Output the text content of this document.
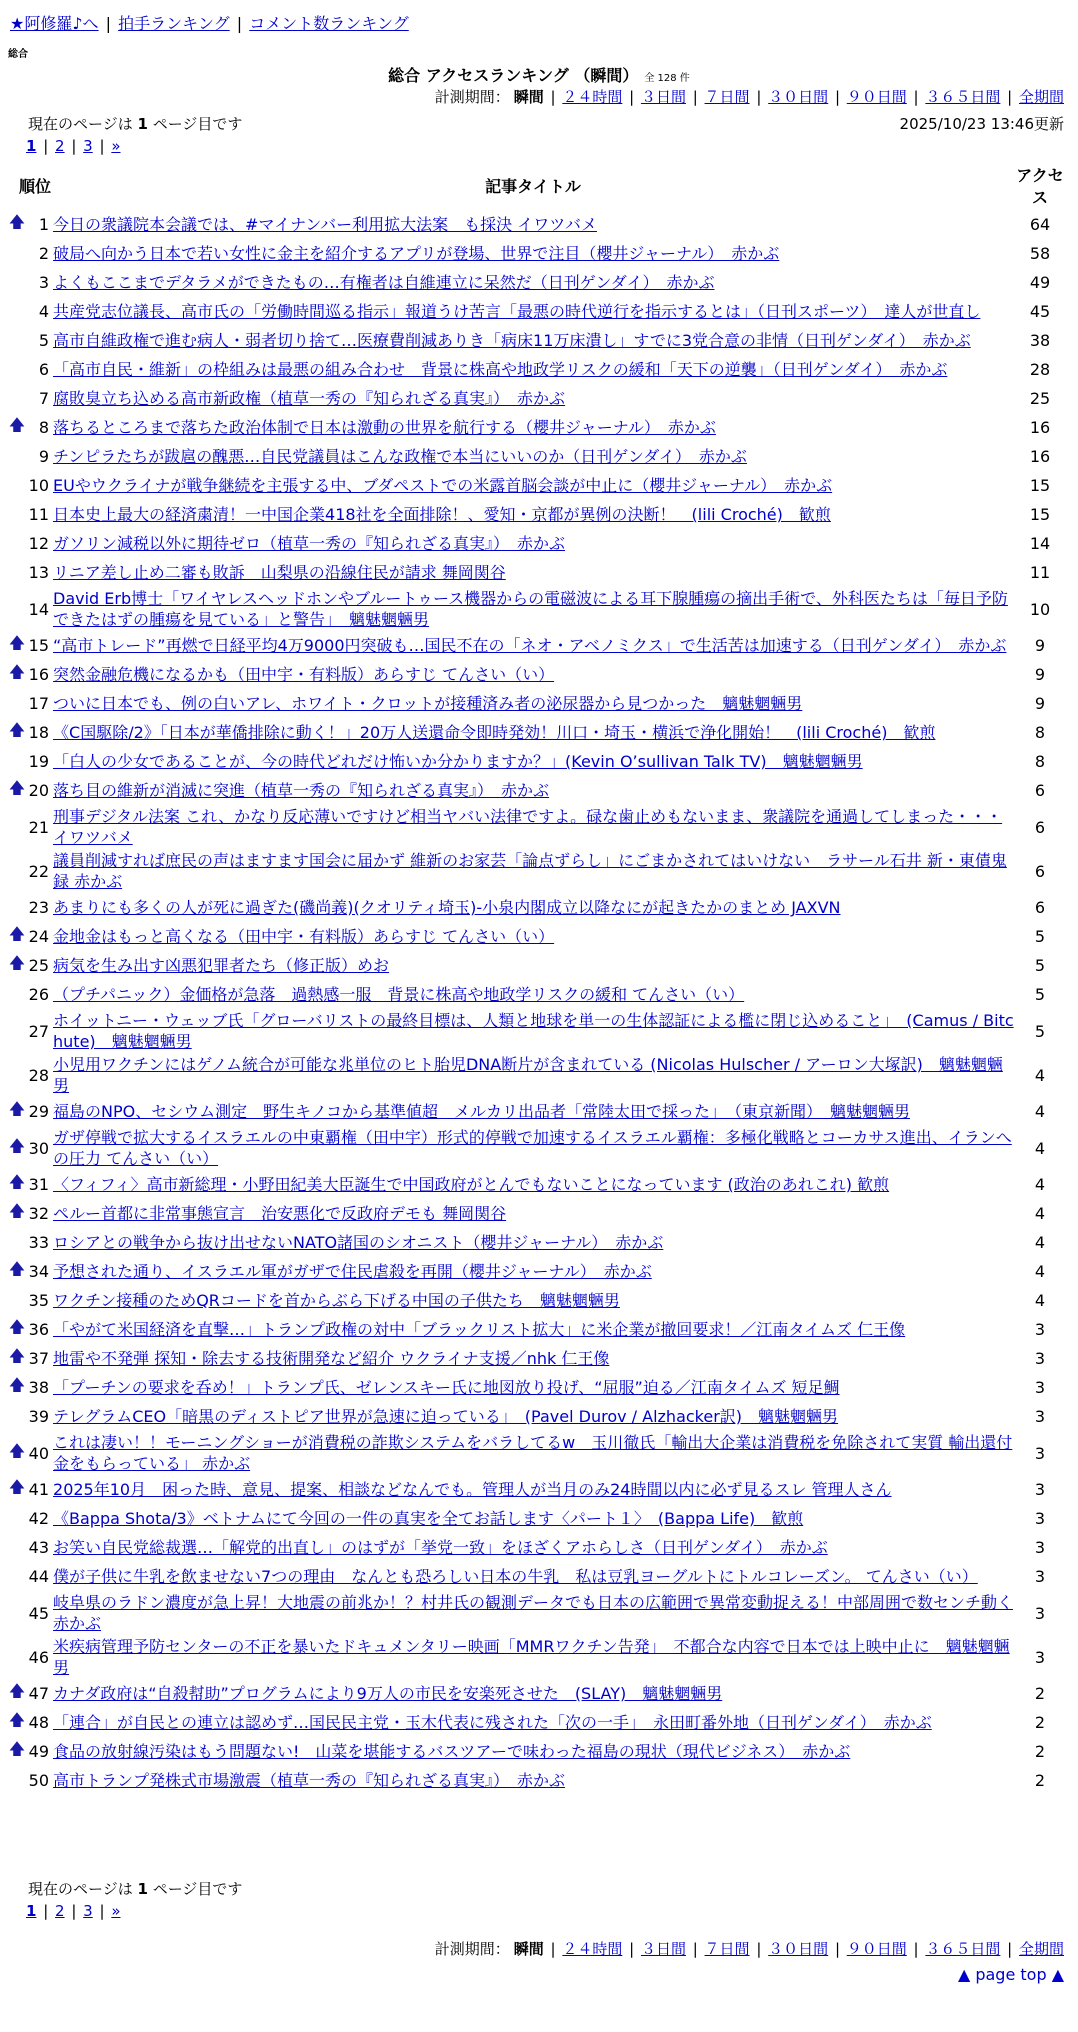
★阿修羅♪へ | 拍手ランキング | コメント数ランキング
総合
総合 アクセスランキング （瞬間） 全 128 件
計測期間： 瞬間 | ２４時間 | ３日間 | ７日間 | ３０日間 | ９０日間 | ３６５日間 | 全期間
現在のページは 1 ページ目です	2025/10/23 13:46更新
1 | 2 | 3 | »
順位		記事タイトル	アクセス
🡅	1	今日の衆議院本会議では、#マイナンバー利用拡大法案　も採決 イワツバメ	64
	2	破局へ向かう日本で若い女性に金主を紹介するアプリが登場、世界で注目（櫻井ジャーナル）　赤かぶ	58
	3	よくもここまでデタラメができたもの…有権者は自維連立に呆然だ（日刊ゲンダイ）　赤かぶ	49
	4	共産党志位議長、高市氏の「労働時間巡る指示」報道うけ苦言「最悪の時代逆行を指示するとは」（日刊スポーツ）　達人が世直し	45
	5	高市自維政権で進む病人・弱者切り捨て…医療費削減ありき「病床11万床潰し」すでに3党合意の非情（日刊ゲンダイ）　赤かぶ	38
	6	「高市自民・維新」の枠組みは最悪の組み合わせ　背景に株高や地政学リスクの緩和「天下の逆襲」（日刊ゲンダイ）　赤かぶ	28
	7	腐敗臭立ち込める高市新政権（植草一秀の『知られざる真実』）　赤かぶ	25
🡅	8	落ちるところまで落ちた政治体制で日本は激動の世界を航行する（櫻井ジャーナル）　赤かぶ	16
	9	チンピラたちが跋扈の醜悪…自民党議員はこんな政権で本当にいいのか（日刊ゲンダイ）　赤かぶ	16
	10	EUやウクライナが戦争継続を主張する中、ブダペストでの米露首脳会談が中止に（櫻井ジャーナル）　赤かぶ	15
	11	日本史上最大の経済粛清！一中国企業418社を全面排除！、愛知・京都が異例の決断！　(lili Croché)　歓煎	15
	12	ガソリン減税以外に期待ゼロ（植草一秀の『知られざる真実』）　赤かぶ	14
	13	リニア差し止め二審も敗訴　山梨県の沿線住民が請求 舞岡関谷	11
	14	David Erb博士「ワイヤレスヘッドホンやブルートゥース機器からの電磁波による耳下腺腫瘍の摘出手術で、外科医たちは「毎日予防できたはずの腫瘍を見ている」と警告」　魑魅魍魎男	10
🡅	15	“高市トレード”再燃で日経平均4万9000円突破も…国民不在の「ネオ・アベノミクス」で生活苦は加速する（日刊ゲンダイ）　赤かぶ	9
🡅	16	突然金融危機になるかも（田中宇・有料版）あらすじ てんさい（い）	9
	17	ついに日本でも、例の白いアレ、ホワイト・クロットが接種済み者の泌尿器から見つかった　魑魅魍魎男	9
🡅	18	《C国駆除/2》「日本が華僑排除に動く！」20万人送還命令即時発効！川口・埼玉・横浜で浄化開始！　(lili Croché)　歓煎	8
	19	「白人の少女であることが、今の時代どれだけ怖いか分かりますか？」(Kevin O’sullivan Talk TV)　魑魅魍魎男	8
🡅	20	落ち目の維新が消滅に突進（植草一秀の『知られざる真実』）　赤かぶ	6
	21	刑事デジタル法案 これ、かなり反応薄いですけど相当ヤバい法律ですよ。碌な歯止めもないまま、衆議院を通過してしまった・・・ イワツバメ	6
	22	議員削減すれば庶民の声はますます国会に届かず 維新のお家芸「論点ずらし」にごまかされてはいけない　ラサール石井 新・東債鬼録 赤かぶ	6
	23	あまりにも多くの人が死に過ぎた(磯尚義)(クオリティ埼玉)-小泉内閣成立以降なにが起きたかのまとめ JAXVN	6
🡅	24	金地金はもっと高くなる（田中宇・有料版）あらすじ てんさい（い）	5
🡅	25	病気を生み出す凶悪犯罪者たち（修正版）めお	5
	26	（プチパニック）金価格が急落　過熱感一服　背景に株高や地政学リスクの緩和 てんさい（い）	5
	27	ホイットニー・ウェッブ氏「グローバリストの最終目標は、人類と地球を単一の生体認証による檻に閉じ込めること」　(Camus / Bitchute)　魑魅魍魎男	5
	28	小児用ワクチンにはゲノム統合が可能な兆単位のヒト胎児DNA断片が含まれている (Nicolas Hulscher / アーロン大塚訳)　魑魅魍魎男	4
🡅	29	福島のNPO、セシウム測定　野生キノコから基準値超　メルカリ出品者「常陸太田で採った」　（東京新聞）　魑魅魍魎男	4
🡅	30	ガザ停戦で拡大するイスラエルの中東覇権（田中宇）形式的停戦で加速するイスラエル覇権：多極化戦略とコーカサス進出、イランへの圧力 てんさい（い）	4
🡅	31	〈フィフィ〉高市新総理・小野田紀美大臣誕生で中国政府がとんでもないことになっています (政治のあれこれ) 歓煎	4
🡅	32	ペルー首都に非常事態宣言　治安悪化で反政府デモも 舞岡関谷	4
	33	ロシアとの戦争から抜け出せないNATO諸国のシオニスト（櫻井ジャーナル）　赤かぶ	4
🡅	34	予想された通り、イスラエル軍がガザで住民虐殺を再開（櫻井ジャーナル）　赤かぶ	4
	35	ワクチン接種のためQRコードを首からぶら下げる中国の子供たち　魑魅魍魎男	4
🡅	36	「やがて米国経済を直撃…」トランプ政権の対中「ブラックリスト拡大」に米企業が撤回要求！／江南タイムズ 仁王像	3
🡅	37	地雷や不発弾 探知・除去する技術開発など紹介 ウクライナ支援／nhk 仁王像	3
🡅	38	「プーチンの要求を呑め！」トランプ氏、ゼレンスキー氏に地図放り投げ、“屈服”迫る／江南タイムズ 短足鯛	3
	39	テレグラムCEO「暗黒のディストピア世界が急速に迫っている」　(Pavel Durov / Alzhacker訳)　魑魅魍魎男	3
🡅	40	これは凄い！！モーニングショーが消費税の詐欺システムをバラしてるw　玉川徹氏「輸出大企業は消費税を免除されて実質 輸出還付金をもらっている」 赤かぶ	3
🡅	41	2025年10月　困った時、意見、提案、相談などなんでも。管理人が当月のみ24時間以内に必ず見るスレ 管理人さん	3
	42	《Bappa Shota/3》ベトナムにて今回の一件の真実を全てお話します〈パート１〉　(Bappa Life)　歓煎	3
	43	お笑い自民党総裁選…「解党的出直し」のはずが「挙党一致」をほざくアホらしさ（日刊ゲンダイ）　赤かぶ	3
	44	僕が子供に牛乳を飲ませない7つの理由　なんとも恐ろしい日本の牛乳　私は豆乳ヨーグルトにトルコレーズン。 てんさい（い）	3
	45	岐阜県のラドン濃度が急上昇！大地震の前兆か！？村井氏の観測データでも日本の広範囲で異常変動捉える！中部周囲で数センチ動く 赤かぶ	3
	46	米疾病管理予防センターの不正を暴いたドキュメンタリー映画「MMRワクチン告発」　不都合な内容で日本では上映中止に　魑魅魍魎男	3
🡅	47	カナダ政府は“自殺幇助”プログラムにより9万人の市民を安楽死させた　(SLAY)　魑魅魍魎男	2
🡅	48	「連合」が自民との連立は認めず…国民民主党・玉木代表に残された「次の一手」　永田町番外地（日刊ゲンダイ）　赤かぶ	2
🡅	49	食品の放射線汚染はもう問題ない!　山菜を堪能するバスツアーで味わった福島の現状（現代ビジネス）　赤かぶ	2
	50	高市トランプ発株式市場激震（植草一秀の『知られざる真実』）　赤かぶ	2
現在のページは 1 ページ目です
1 | 2 | 3 | »
計測期間： 瞬間 | ２４時間 | ３日間 | ７日間 | ３０日間 | ９０日間 | ３６５日間 | 全期間
▲ page top ▲
